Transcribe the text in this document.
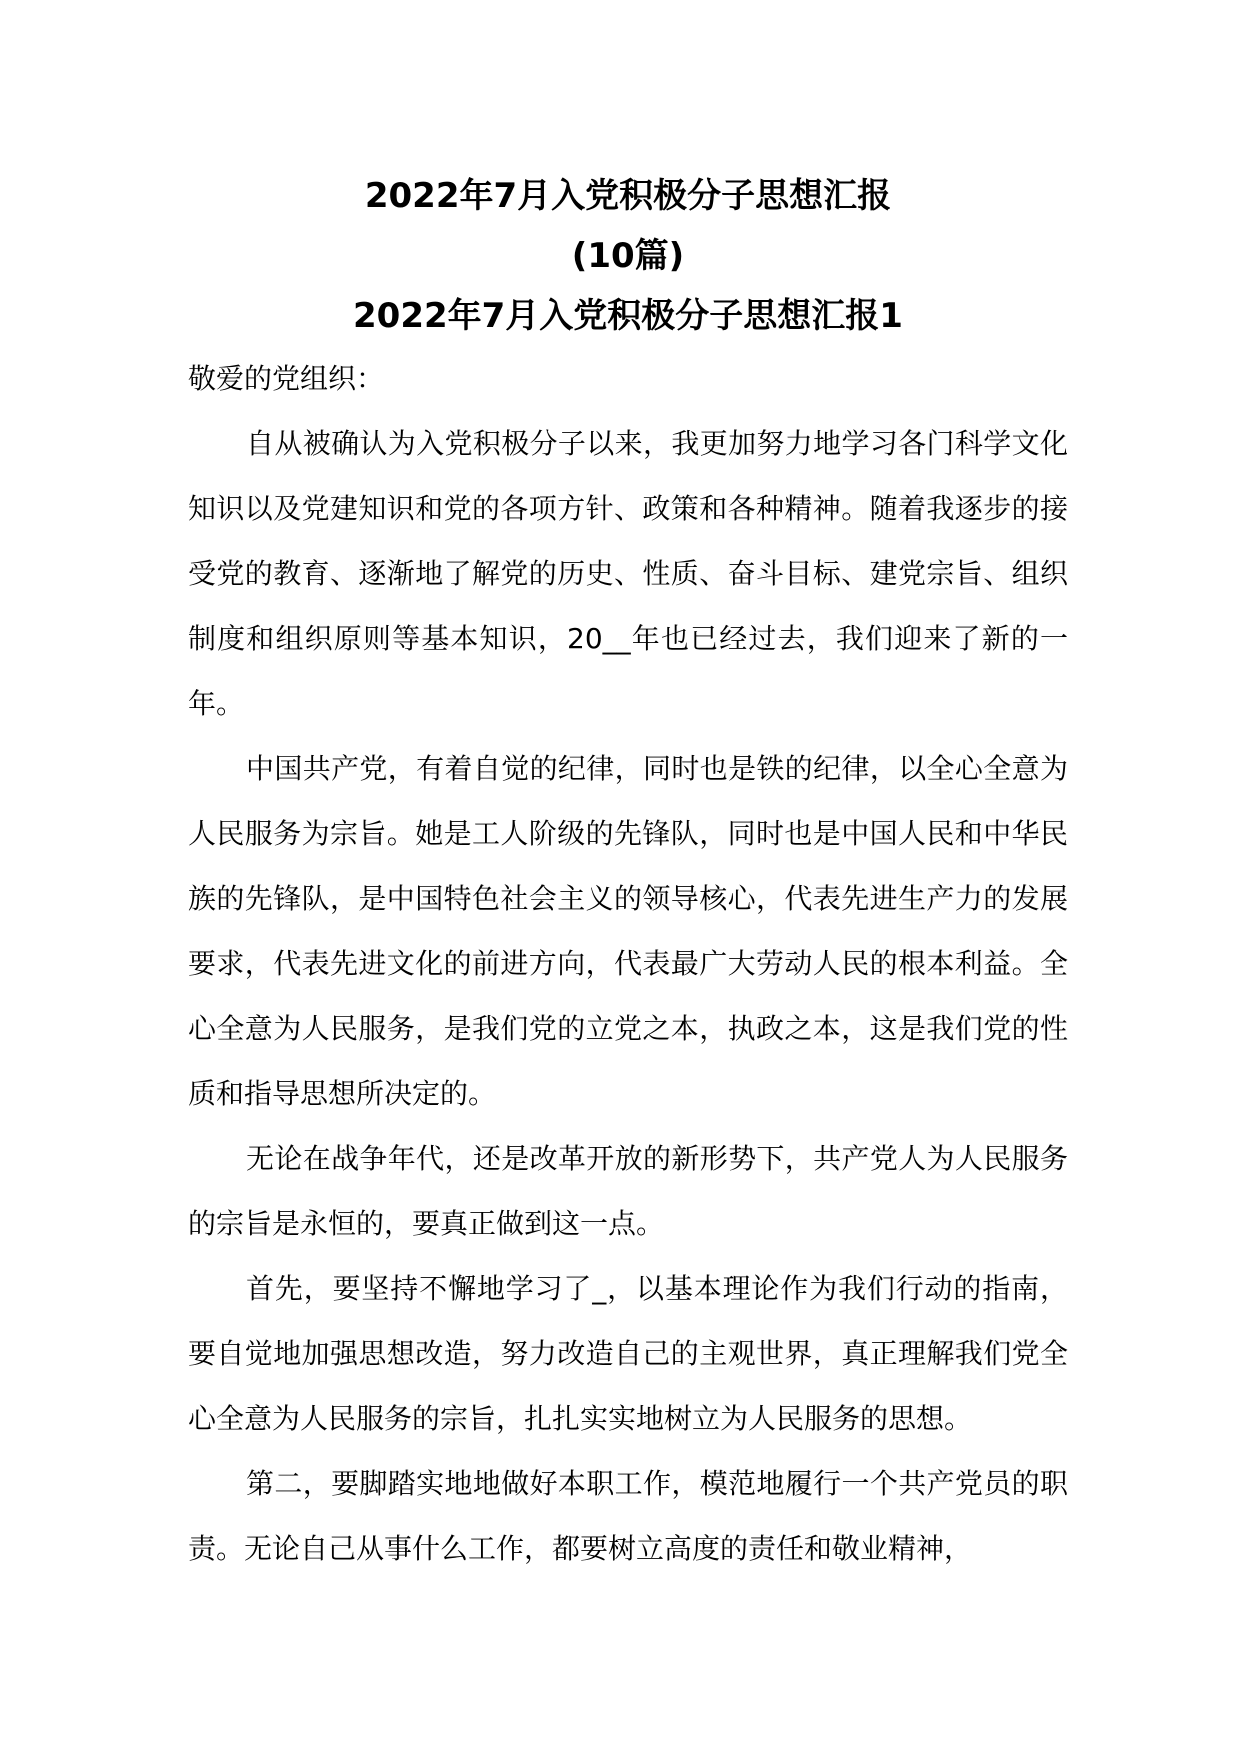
2022年7月入党积极分子思想汇报

(10篇)

2022年7月入党积极分子思想汇报1

敬爱的党组织：

自从被确认为入党积极分子以来，我更加努力地学习各门科学文化知识以及党建知识和党的各项方针、政策和各种精神。随着我逐步的接受党的教育、逐渐地了解党的历史、性质、奋斗目标、建党宗旨、组织制度和组织原则等基本知识，20__年也已经过去，我们迎来了新的一年。

中国共产党，有着自觉的纪律，同时也是铁的纪律，以全心全意为人民服务为宗旨。她是工人阶级的先锋队，同时也是中国人民和中华民族的先锋队，是中国特色社会主义的领导核心，代表先进生产力的发展要求，代表先进文化的前进方向，代表最广大劳动人民的根本利益。全心全意为人民服务，是我们党的立党之本，执政之本，这是我们党的性质和指导思想所决定的。

无论在战争年代，还是改革开放的新形势下，共产党人为人民服务的宗旨是永恒的，要真正做到这一点。

首先，要坚持不懈地学习了_，以基本理论作为我们行动的指南，要自觉地加强思想改造，努力改造自己的主观世界，真正理解我们党全心全意为人民服务的宗旨，扎扎实实地树立为人民服务的思想。

第二，要脚踏实地地做好本职工作，模范地履行一个共产党员的职责。无论自己从事什么工作，都要树立高度的责任和敬业精神，
